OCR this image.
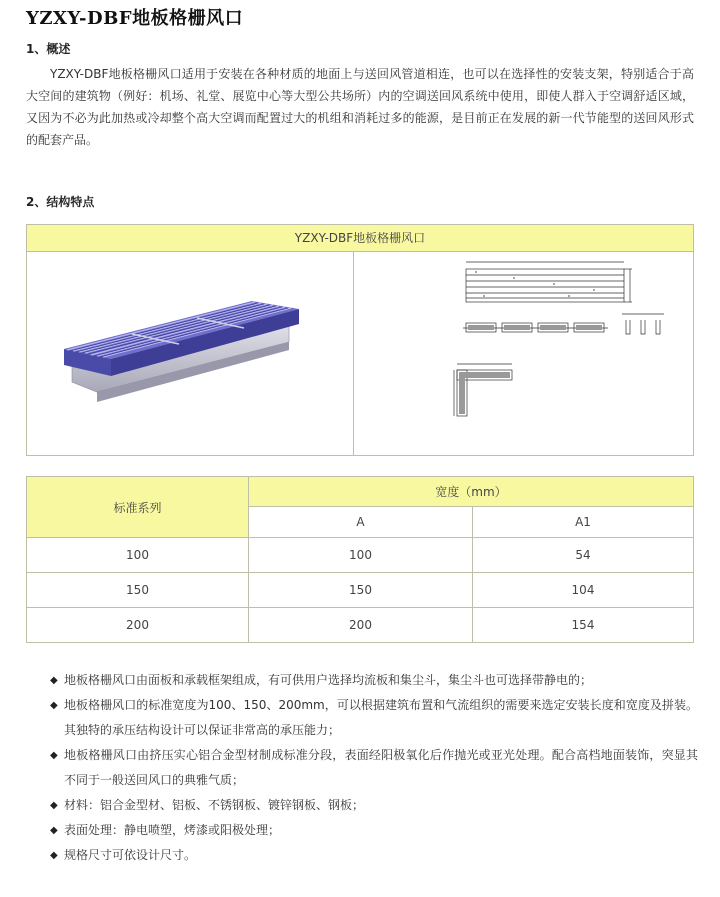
YZXY-DBF地板格栅风口
1、概述

YZXY-DBF地板格栅风口适用于安装在各种材质的地面上与送回风管道相连，也可以在选择性的安装支架，特别适合于高大空间的建筑物（例好：机场、礼堂、展览中心等大型公共场所）内的空调送回风系统中使用，即使人群入于空调舒适区域，又因为不必为此加热或冷却整个高大空调而配置过大的机组和消耗过多的能源，是目前正在发展的新一代节能型的送回风形式的配套产品。

2、结构特点
YZXY-DBF地板格栅风口
标准系列	宽度（mm）	
	A	A1
100	100	54
150	150	104
200	200	154
◆ 地板格栅风口由面板和承载框架组成，有可供用户选择均流板和集尘斗，集尘斗也可选择带静电的；
◆ 地板格栅风口的标准宽度为100、150、200mm，可以根据建筑布置和气流组织的需要来选定安装长度和宽度及拼装。其独特的承压结构设计可以保证非常高的承压能力；
◆ 地板格栅风口由挤压实心铝合金型材制成标准分段，表面经阳极氧化后作抛光或亚光处理。配合高档地面装饰，突显其不同于一般送回风口的典雅气质；
◆ 材料：铝合金型材、铝板、不锈钢板、镀锌钢板、钢板；
◆ 表面处理：静电喷塑，烤漆或阳极处理；
◆ 规格尺寸可依设计尺寸。
